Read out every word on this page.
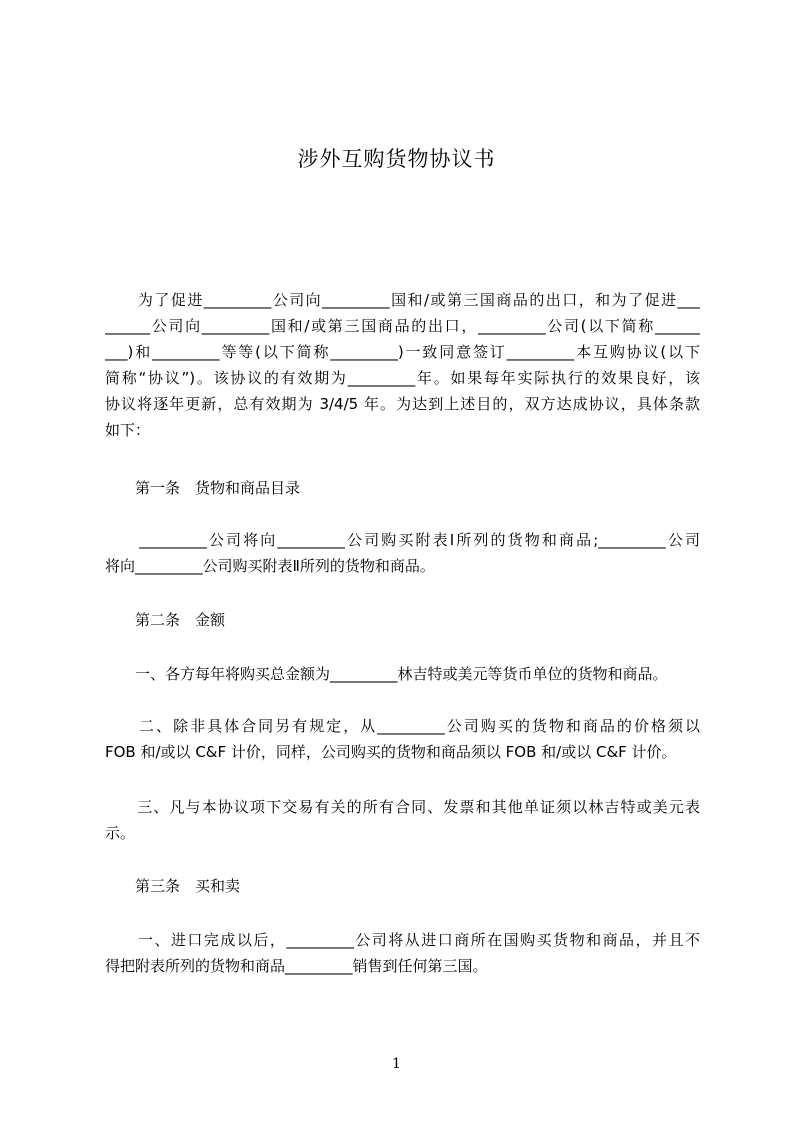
涉外互购货物协议书
　　为了促进_________公司向_________国和/或第三国商品的出口，和为了促进___
______公司向_________国和/或第三国商品的出口，_________公司(以下简称______
___)和_________等等(以下简称_________)一致同意签订_________本互购协议(以下
简称“协议”)。该协议的有效期为_________年。如果每年实际执行的效果良好，该
协议将逐年更新，总有效期为 3/4/5 年。为达到上述目的，双方达成协议，具体条款
如下：
　　第一条　货物和商品目录
　　_________公司将向_________公司购买附表Ⅰ所列的货物和商品;_________公司
将向_________公司购买附表Ⅱ所列的货物和商品。
　　第二条　金额
　　一、各方每年将购买总金额为_________林吉特或美元等货币单位的货物和商品。
　　二、除非具体合同另有规定，从_________公司购买的货物和商品的价格须以
FOB 和/或以 C&F 计价，同样，公司购买的货物和商品须以 FOB 和/或以 C&F 计价。
　　三、凡与本协议项下交易有关的所有合同、发票和其他单证须以林吉特或美元表
示。
　　第三条　买和卖
　　一、进口完成以后，_________公司将从进口商所在国购买货物和商品，并且不
得把附表所列的货物和商品_________销售到任何第三国。
1
